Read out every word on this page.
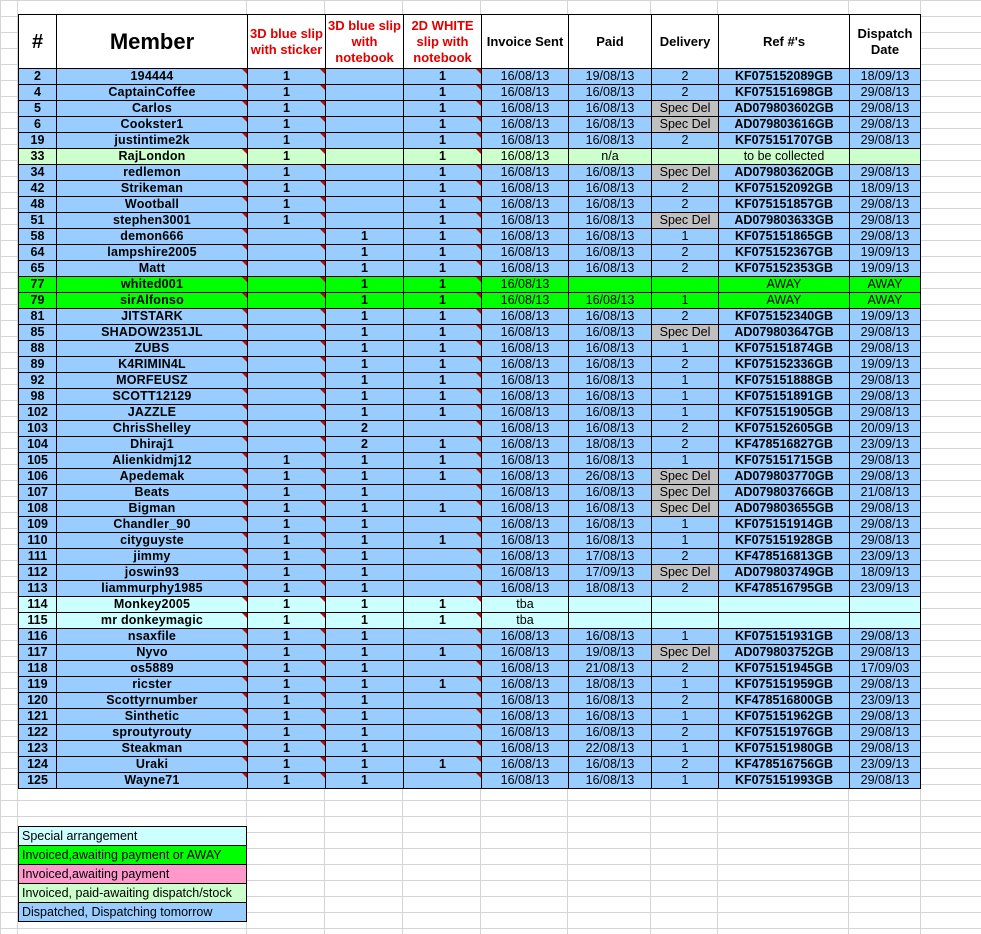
#	Member	3D blue slip with sticker	3D blue slip with notebook	2D WHITE slip with notebook	Invoice Sent	Paid	Delivery	Ref #'s	Dispatch Date
2	194444	1		1	16/08/13	19/08/13	2	KF075152089GB	18/09/13
4	CaptainCoffee	1		1	16/08/13	16/08/13	2	KF075151698GB	29/08/13
5	Carlos	1		1	16/08/13	16/08/13	Spec Del	AD079803602GB	29/08/13
6	Cookster1	1		1	16/08/13	16/08/13	Spec Del	AD079803616GB	29/08/13
19	justintime2k	1		1	16/08/13	16/08/13	2	KF075151707GB	29/08/13
33	RajLondon	1		1	16/08/13	n/a		to be collected	
34	redlemon	1		1	16/08/13	16/08/13	Spec Del	AD079803620GB	29/08/13
42	Strikeman	1		1	16/08/13	16/08/13	2	KF075152092GB	18/09/13
48	Wootball	1		1	16/08/13	16/08/13	2	KF075151857GB	29/08/13
51	stephen3001	1		1	16/08/13	16/08/13	Spec Del	AD079803633GB	29/08/13
58	demon666		1	1	16/08/13	16/08/13	1	KF075151865GB	29/08/13
64	lampshire2005		1	1	16/08/13	16/08/13	2	KF075152367GB	19/09/13
65	Matt		1	1	16/08/13	16/08/13	2	KF075152353GB	19/09/13
77	whited001		1	1	16/08/13			AWAY	AWAY
79	sirAlfonso		1	1	16/08/13	16/08/13	1	AWAY	AWAY
81	JITSTARK		1	1	16/08/13	16/08/13	2	KF075152340GB	19/09/13
85	SHADOW2351JL		1	1	16/08/13	16/08/13	Spec Del	AD079803647GB	29/08/13
88	ZUBS		1	1	16/08/13	16/08/13	1	KF075151874GB	29/08/13
89	K4RIMIN4L		1	1	16/08/13	16/08/13	2	KF075152336GB	19/09/13
92	MORFEUSZ		1	1	16/08/13	16/08/13	1	KF075151888GB	29/08/13
98	SCOTT12129		1	1	16/08/13	16/08/13	1	KF075151891GB	29/08/13
102	JAZZLE		1	1	16/08/13	16/08/13	1	KF075151905GB	29/08/13
103	ChrisShelley		2		16/08/13	16/08/13	2	KF075152605GB	20/09/13
104	Dhiraj1		2	1	16/08/13	18/08/13	2	KF478516827GB	23/09/13
105	Alienkidmj12	1	1	1	16/08/13	16/08/13	1	KF075151715GB	29/08/13
106	Apedemak	1	1	1	16/08/13	26/08/13	Spec Del	AD079803770GB	29/08/13
107	Beats	1	1		16/08/13	16/08/13	Spec Del	AD079803766GB	21/08/13
108	Bigman	1	1	1	16/08/13	16/08/13	Spec Del	AD079803655GB	29/08/13
109	Chandler_90	1	1		16/08/13	16/08/13	1	KF075151914GB	29/08/13
110	cityguyste	1	1	1	16/08/13	16/08/13	1	KF075151928GB	29/08/13
111	jimmy	1	1		16/08/13	17/08/13	2	KF478516813GB	23/09/13
112	joswin93	1	1		16/08/13	17/09/13	Spec Del	AD079803749GB	18/09/13
113	liammurphy1985	1	1		16/08/13	18/08/13	2	KF478516795GB	23/09/13
114	Monkey2005	1	1	1	tba				
115	mr donkeymagic	1	1	1	tba				
116	nsaxfile	1	1		16/08/13	16/08/13	1	KF075151931GB	29/08/13
117	Nyvo	1	1	1	16/08/13	19/08/13	Spec Del	AD079803752GB	29/08/13
118	os5889	1	1		16/08/13	21/08/13	2	KF075151945GB	17/09/03
119	ricster	1	1	1	16/08/13	18/08/13	1	KF075151959GB	29/08/13
120	Scottyrnumber	1	1		16/08/13	16/08/13	2	KF478516800GB	23/09/13
121	Sinthetic	1	1		16/08/13	16/08/13	1	KF075151962GB	29/08/13
122	sproutyrouty	1	1		16/08/13	16/08/13	2	KF075151976GB	29/08/13
123	Steakman	1	1		16/08/13	22/08/13	1	KF075151980GB	29/08/13
124	Uraki	1	1	1	16/08/13	16/08/13	2	KF478516756GB	23/09/13
125	Wayne71	1	1		16/08/13	16/08/13	1	KF075151993GB	29/08/13
Special arrangement
Invoiced,awaiting payment or AWAY
Invoiced,awaiting payment
Invoiced, paid-awaiting dispatch/stock
Dispatched, Dispatching tomorrow
